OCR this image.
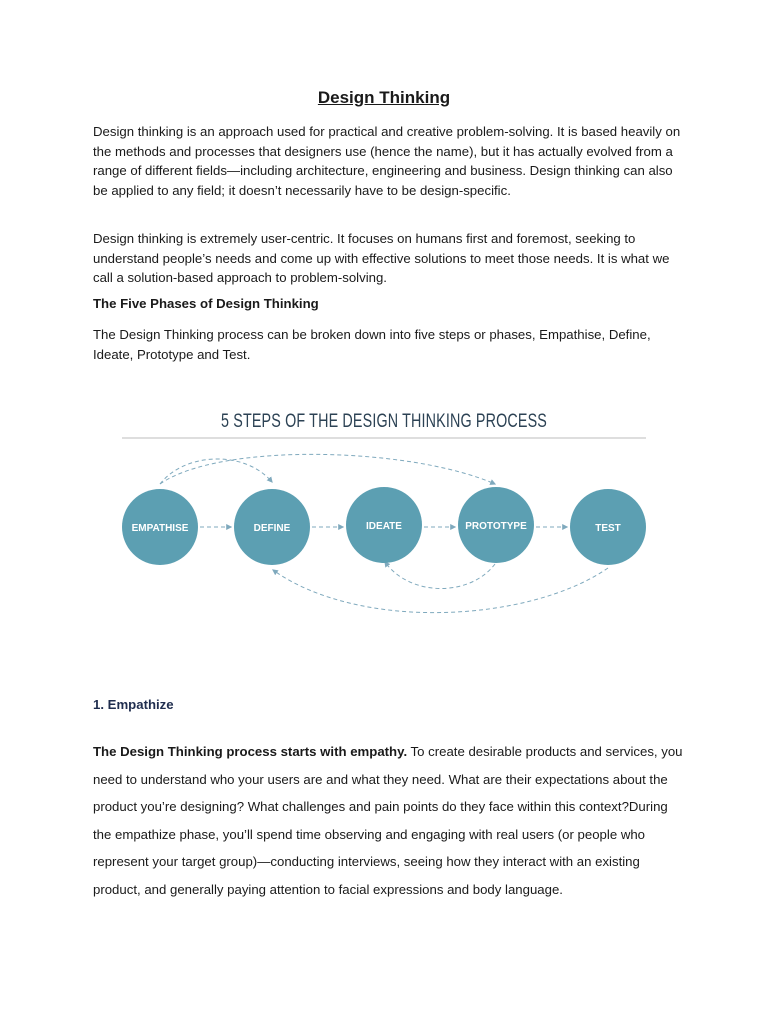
Design Thinking

Design thinking is an approach used for practical and creative problem-solving. It is based heavily on the methods and processes that designers use (hence the name), but it has actually evolved from a range of different fields—including architecture, engineering and business. Design thinking can also be applied to any field; it doesn’t necessarily have to be design-specific.

Design thinking is extremely user-centric. It focuses on humans first and foremost, seeking to understand people’s needs and come up with effective solutions to meet those needs. It is what we call a solution-based approach to problem-solving.

The Five Phases of Design Thinking

The Design Thinking process can be broken down into five steps or phases, Empathise, Define, Ideate, Prototype and Test.

5 STEPS OF THE DESIGN THINKING PROCESS
EMPATHISE	DEFINE	IDEATE	PROTOTYPE	TEST

1. Empathize

The Design Thinking process starts with empathy. To create desirable products and services, you need to understand who your users are and what they need. What are their expectations about the product you’re designing? What challenges and pain points do they face within this context?During the empathize phase, you’ll spend time observing and engaging with real users (or people who represent your target group)—conducting interviews, seeing how they interact with an existing product, and generally paying attention to facial expressions and body language.
